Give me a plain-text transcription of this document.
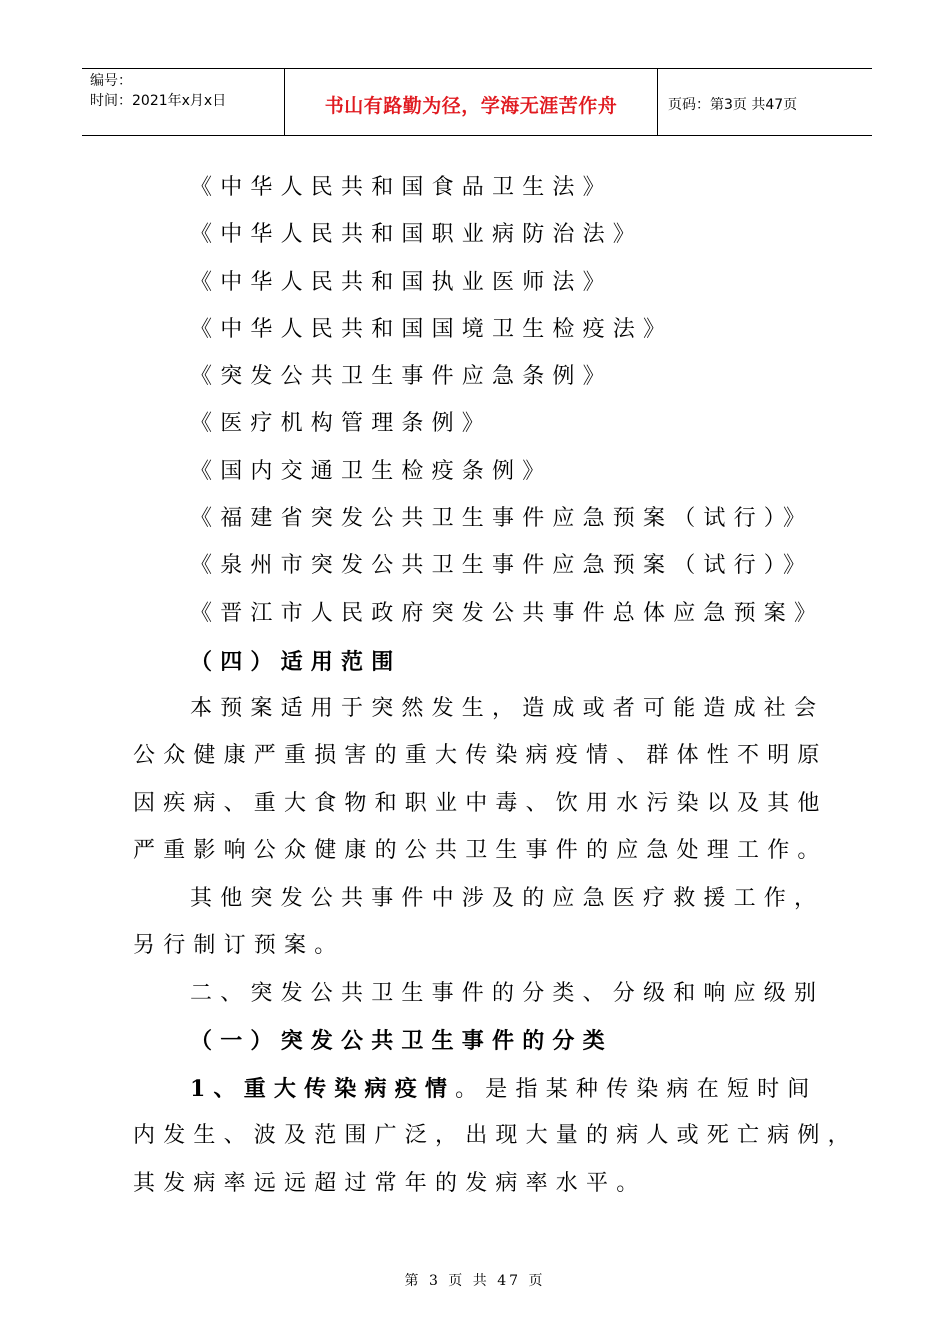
编号：
时间：2021年x月x日	书山有路勤为径，学海无涯苦作舟	页码：第3页 共47页
《中华人民共和国食品卫生法》
《中华人民共和国职业病防治法》
《中华人民共和国执业医师法》
《中华人民共和国国境卫生检疫法》
《突发公共卫生事件应急条例》
《医疗机构管理条例》
《国内交通卫生检疫条例》
《福建省突发公共卫生事件应急预案（试行）》
《泉州市突发公共卫生事件应急预案（试行）》
《晋江市人民政府突发公共事件总体应急预案》
（四）适用范围
本预案适用于突然发生，造成或者可能造成社会
公众健康严重损害的重大传染病疫情、群体性不明原
因疾病、重大食物和职业中毒、饮用水污染以及其他
严重影响公众健康的公共卫生事件的应急处理工作。
其他突发公共事件中涉及的应急医疗救援工作，
另行制订预案。
二、突发公共卫生事件的分类、分级和响应级别
（一）突发公共卫生事件的分类
1、重大传染病疫情。是指某种传染病在短时间
内发生、波及范围广泛，出现大量的病人或死亡病例，
其发病率远远超过常年的发病率水平。
第 3 页 共 47 页
